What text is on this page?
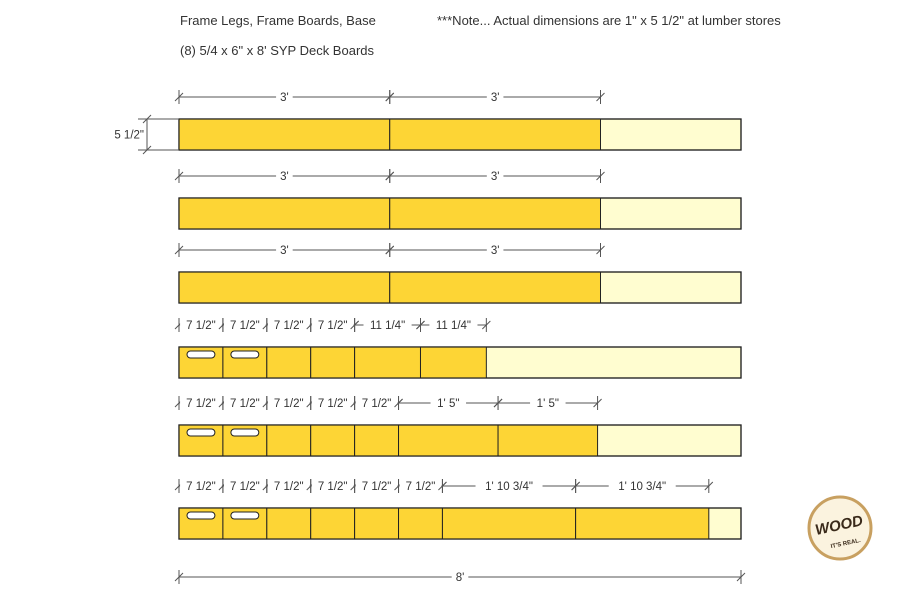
Frame Legs, Frame Boards, Base	***Note... Actual dimensions are 1" x 5 1/2" at lumber stores
(8) 5/4 x 6" x 8' SYP Deck Boards
3'	3'
3'	3'
3'	3'
7 1/2" 7 1/2" 7 1/2" 7 1/2" 11 1/4"	11 1/4"
7 1/2" 7 1/2" 7 1/2" 7 1/2" 7 1/2"	1' 5"	1' 5"
7 1/2" 7 1/2" 7 1/2" 7 1/2" 7 1/2" 7 1/2"	1' 10 3/4"	1' 10 3/4"
8'
5 1/2"
WOOD
IT'S REAL.
